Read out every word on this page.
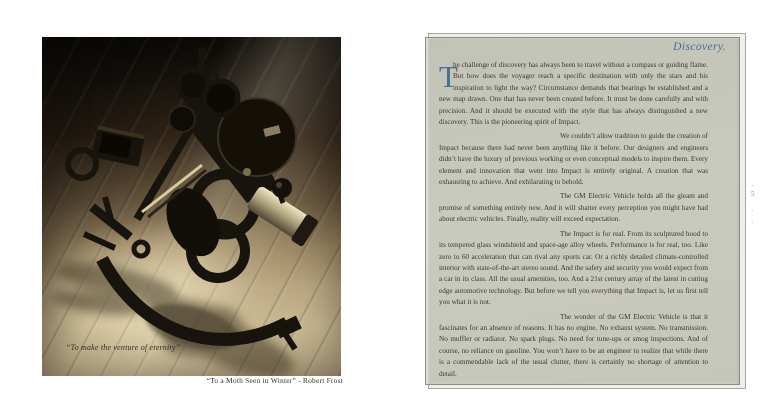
“To make the venture of eternity”
“To a Moth Seen in Winter” - Robert Frost
Discovery.

T
he challenge of discovery has always been to travel without a compass or guiding flame. But how does the voyager reach a specific destination with only the stars and his inspiration to light the way? Circumstance demands that bearings be established and a new map drawn. One that has never been created before. It must be done carefully and with precision. And it should be executed with the style that has always distinguished a new discovery. This is the pioneering spirit of Impact.

We couldn’t allow tradition to guide the creation of Impact because there had never been anything like it before. Our designers and engineers didn’t have the luxury of previous working or even conceptual models to inspire them. Every element and innovation that went into Impact is entirely original. A creation that was exhausting to achieve. And exhilarating to behold.

The GM Electric Vehicle holds all the gleam and promise of something entirely new. And it will shatter every perception you might have had about electric vehicles. Finally, reality will exceed expectation.

The Impact is for real. From its sculptured hood to its tempered glass windshield and space-age alloy wheels. Performance is for real, too. Like zero to 60 acceleration that can rival any sports car. Or a richly detailed climate-controlled interior with state-of-the-art stereo sound. And the safety and security you would expect from a car in its class. All the usual amenities, too. And a 21st century array of the latest in cutting edge automotive technology. But before we tell you everything that Impact is, let us first tell you what it is not.

The wonder of the GM Electric Vehicle is that it fascinates for an absence of reasons. It has no engine. No exhaust system. No transmission. No muffler or radiator. No spark plugs. No need for tune-ups or smog inspections. And of course, no reliance on gasoline. You won’t have to be an engineer to realize that while there is a commendable lack of the usual clutter, there is certainly no shortage of attention to detail.

·
5
·
·
